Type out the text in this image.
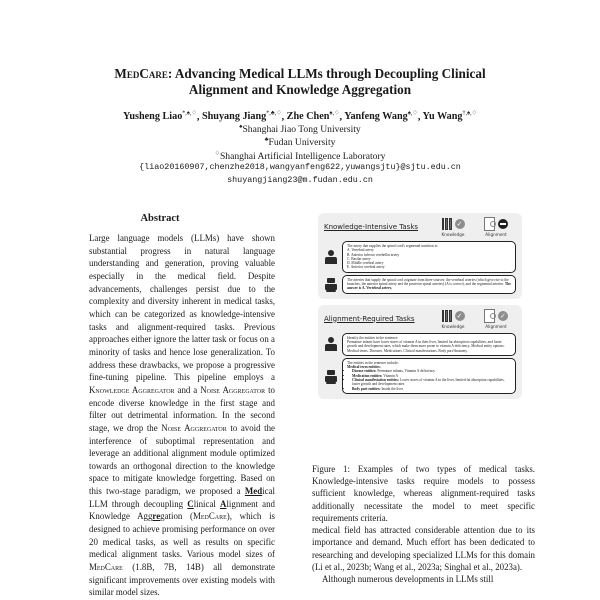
MedCare: Advancing Medical LLMs through Decoupling Clinical
Alignment and Knowledge Aggregation
Yusheng Liao*,♠,♢, Shuyang Jiang*,♣,♢, Zhe Chen♠,♢, Yanfeng Wang♠,♢, Yu Wang†,♠,♢
♠Shanghai Jiao Tong University
♣Fudan University
♢Shanghai Artificial Intelligence Laboratory
{liao20160907,chenzhe2018,wangyanfeng622,yuwangsjtu}@sjtu.edu.cn
shuyangjiang23@m.fudan.edu.cn
Abstract
Large language models (LLMs) have shown substantial progress in natural language understanding and generation, proving valuable especially in the medical field. Despite advancements, challenges persist due to the complexity and diversity inherent in medical tasks, which can be categorized as knowledge-intensive tasks and alignment-required tasks. Previous approaches either ignore the latter task or focus on a minority of tasks and hence lose generalization. To address these drawbacks, we propose a progressive fine-tuning pipeline. This pipeline employs a Knowledge Aggregator and a Noise Aggregator to encode diverse knowledge in the first stage and filter out detrimental information. In the second stage, we drop the Noise Aggregator to avoid the interference of suboptimal representation and leverage an additional alignment module optimized towards an orthogonal direction to the knowledge space to mitigate knowledge forgetting. Based on this two-stage paradigm, we proposed a Medical LLM through decoupling Clinical Alignment and Knowledge Aggregation (MedCare), which is designed to achieve promising performance on over 20 medical tasks, as well as results on specific medical alignment tasks. Various model sizes of MedCare (1.8B, 7B, 14B) all demonstrate significant improvements over existing models with similar model sizes.
Knowledge-Intensive Tasks	✓
Knowledge	Alignment
The artery that supplies the spinal cord's segmental nutrition is:
A. Vertebral artery
B. Anterior inferior cerebellar artery
C. Basilar artery
D. Middle cerebral artery
E. Anterior cerebral artery
The arteries that supply the spinal cord originate from three sources: the vertebral arteries (which give rise to the branches, the anterior spinal artery and the posterior spinal arteries) (A is correct), and the segmental arteries. The answer is A. Vertebral artery.
Alignment-Required Tasks	✓
Knowledge
✓
Alignment
Identify the entities in the sentence:
Premature infants have lower stores of vitamin A in their liver, limited fat absorption capabilities, and faster growth and development rates, which make them more prone to vitamin A deficiency. Medical entity options: Medical terms, Diseases, Medications, Clinical manifestations, Body part/Anatomy.
The entities in the sentence include:
Medical term entities:
• Disease entities: Premature infants, Vitamin A deficiency
• Medication entities: Vitamin A
• Clinical manifestation entities: Lower stores of vitamin A in the liver, limited fat absorption capabilities, faster growth and development rates
• Body part entities: Inside the liver
Figure 1: Examples of two types of medical tasks. Knowledge-intensive tasks require models to possess sufficient knowledge, whereas alignment-required tasks additionally necessitate the model to meet specific requirements criteria.
medical field has attracted considerable attention due to its importance and demand. Much effort has been dedicated to researching and developing specialized LLMs for this domain (Li et al., 2023b; Wang et al., 2023a; Singhal et al., 2023a).
Although numerous developments in LLMs still
